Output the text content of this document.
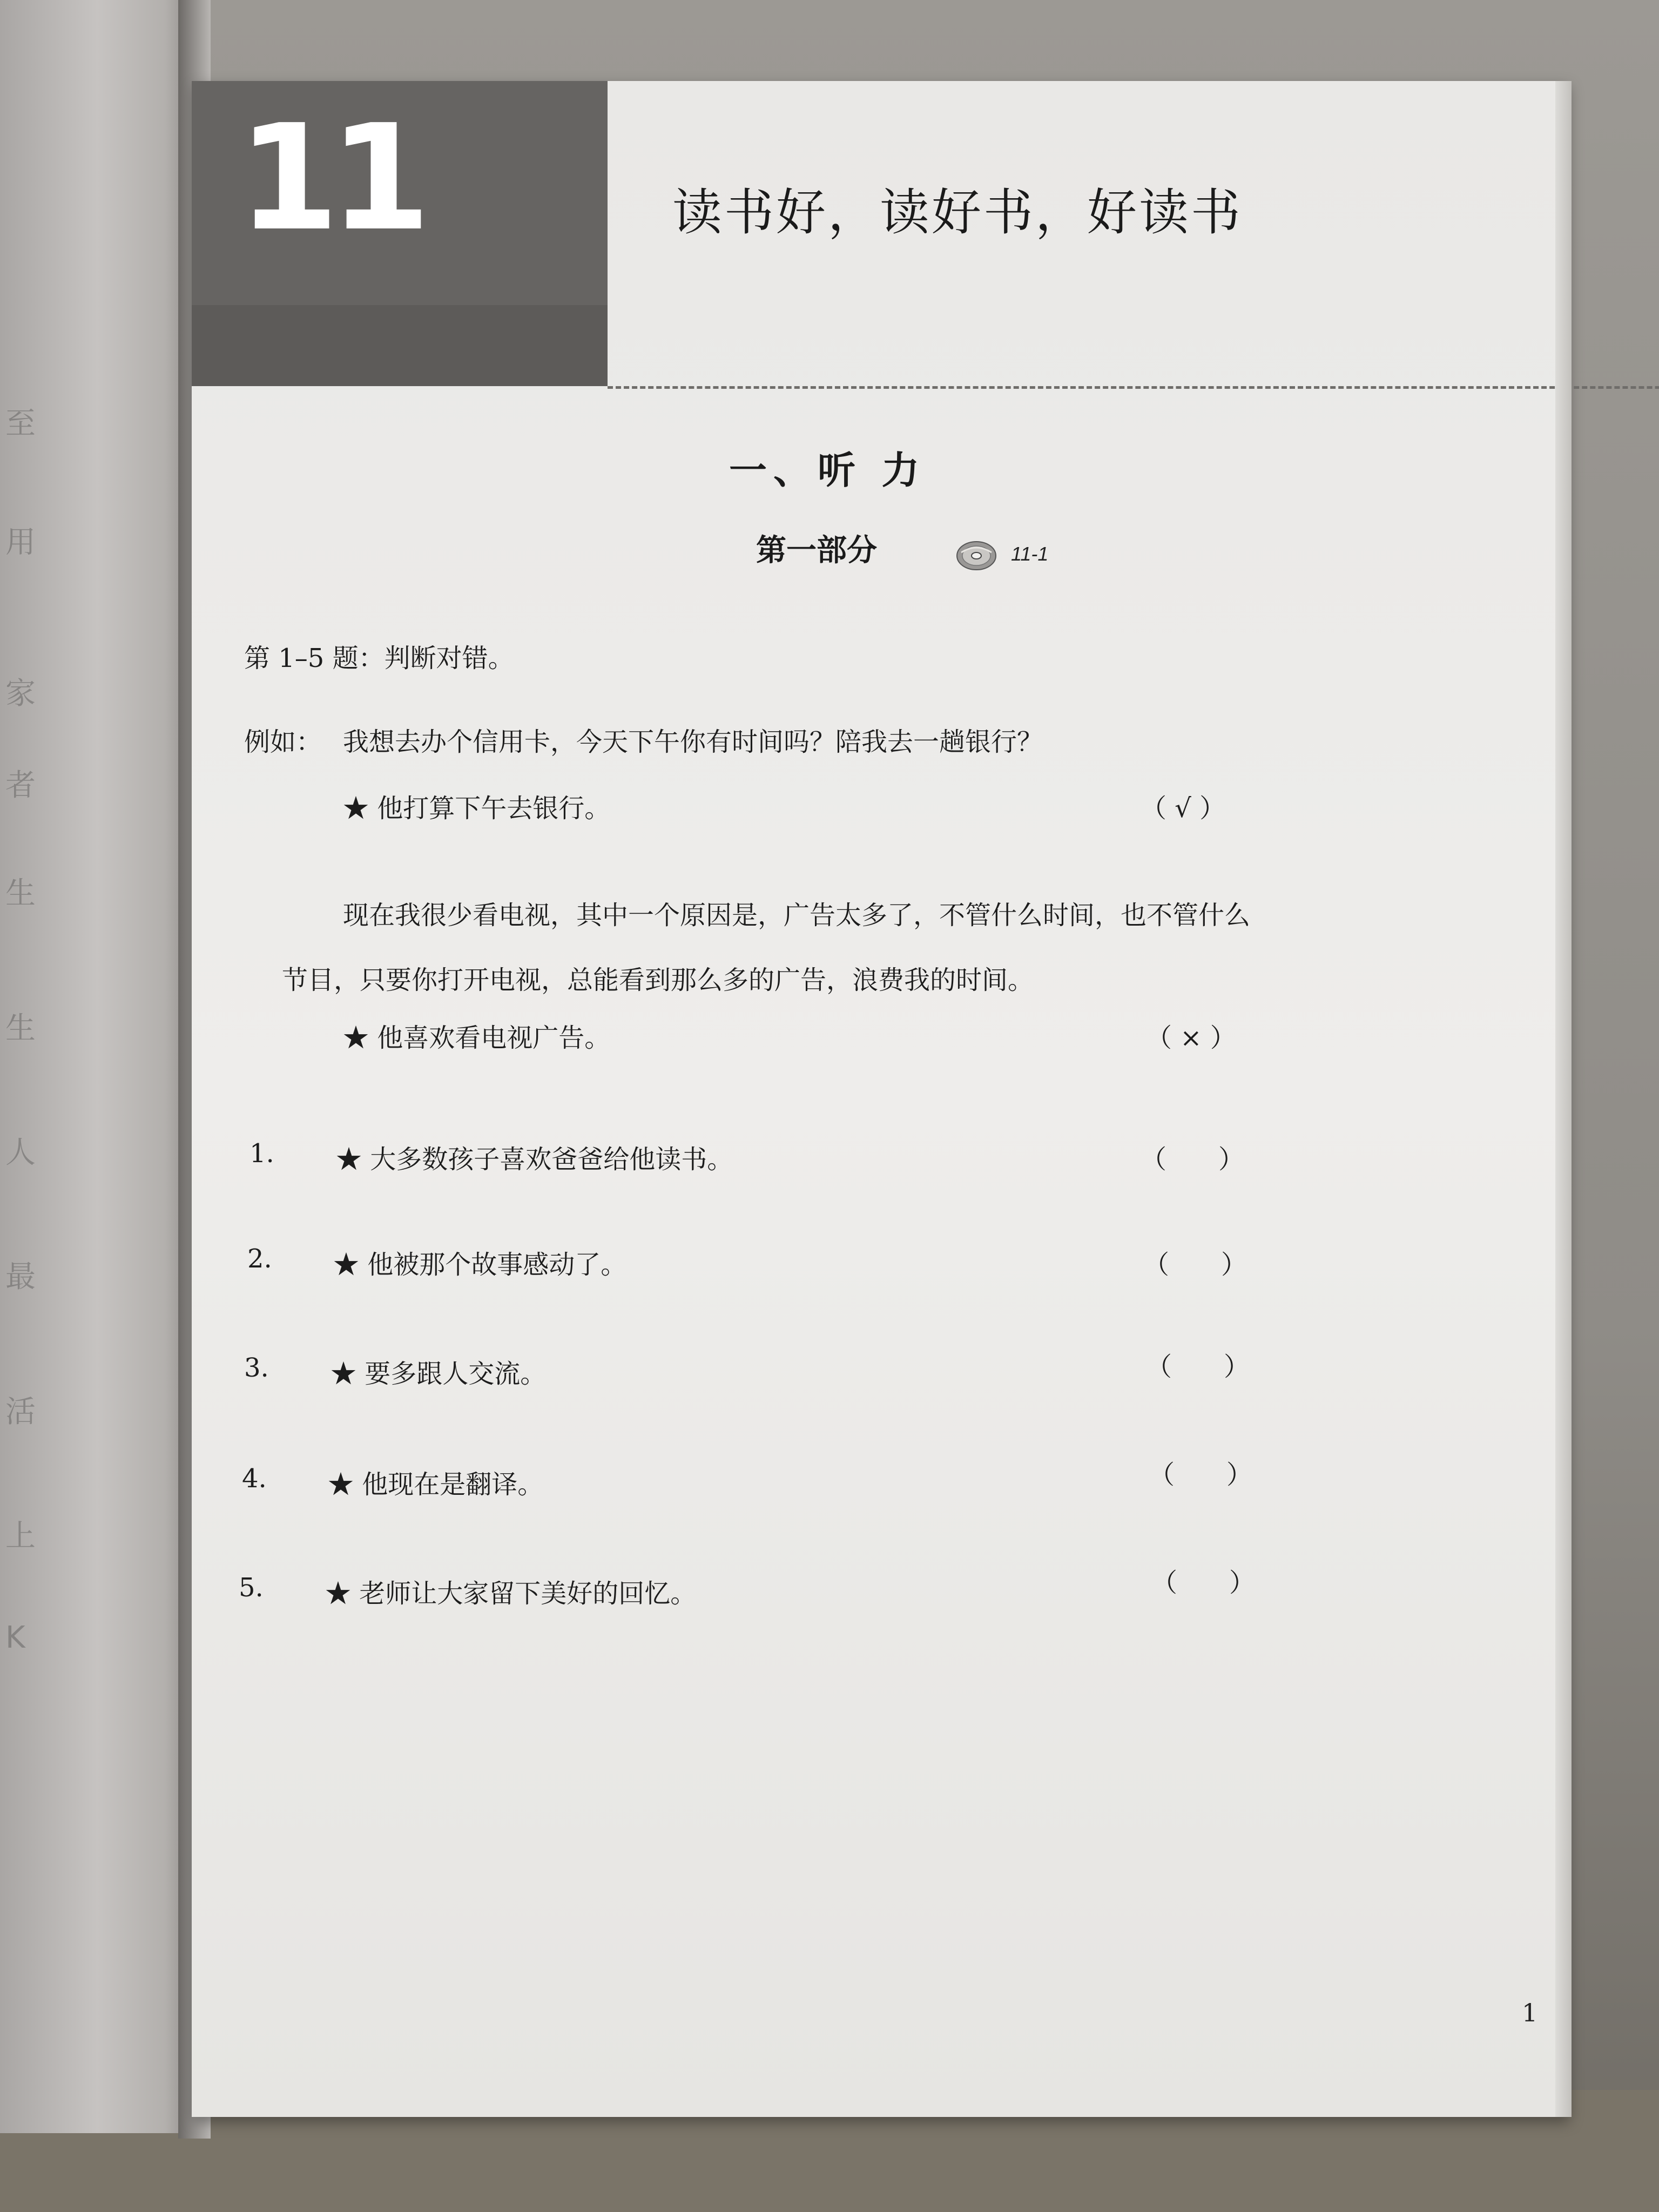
至
用
家
者
生
生
人
最
活
上
K
11	读书好，读好书，好读书
一、听 力
第一部分	11-1
第 1–5 题：判断对错。
例如： 我想去办个信用卡，今天下午你有时间吗？陪我去一趟银行？
★ 他打算下午去银行。	（ √ ）
现在我很少看电视，其中一个原因是，广告太多了，不管什么时间，也不管什么
节目，只要你打开电视，总能看到那么多的广告，浪费我的时间。
★ 他喜欢看电视广告。	（ × ）
1. ★ 大多数孩子喜欢爸爸给他读书。	（　　）
2. ★ 他被那个故事感动了。	（　　）
3. ★ 要多跟人交流。	（　　）
4. ★ 他现在是翻译。	（　　）
5. ★ 老师让大家留下美好的回忆。	（　　）
1
